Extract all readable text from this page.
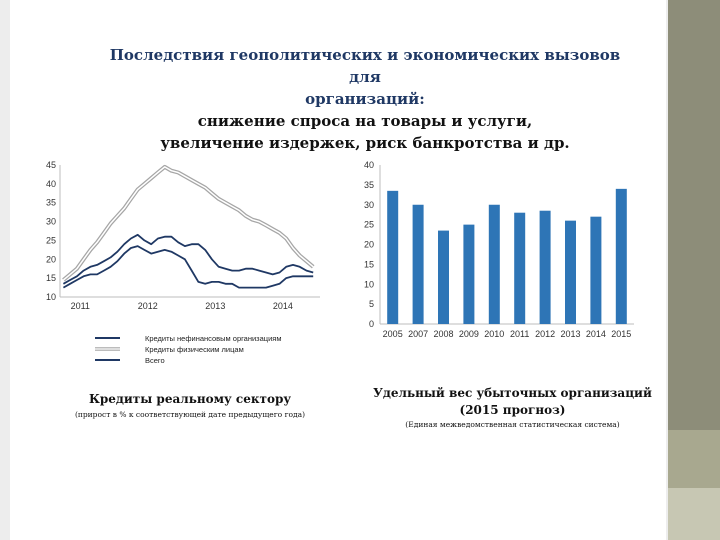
Последствия геополитических и экономических вызовов для
организаций:
снижение спроса на товары и услуги,
увеличение издержек, риск банкротства и др.
10
15
20
25
30
35
40
45
2011	2012	2013	2014
Кредиты нефинансовым организациям
Кредиты физическим лицам
Всего
0
5
10
15
20
25
30
35
40
2005 2007 2008 2009 2010 2011 2012 2013 2014 2015
Кредиты реальному сектору
(прирост в % к соответствующей дате предыдущего года)
Удельный вес убыточных организаций (2015 прогноз)
(Единая межведомственная статистическая система)
